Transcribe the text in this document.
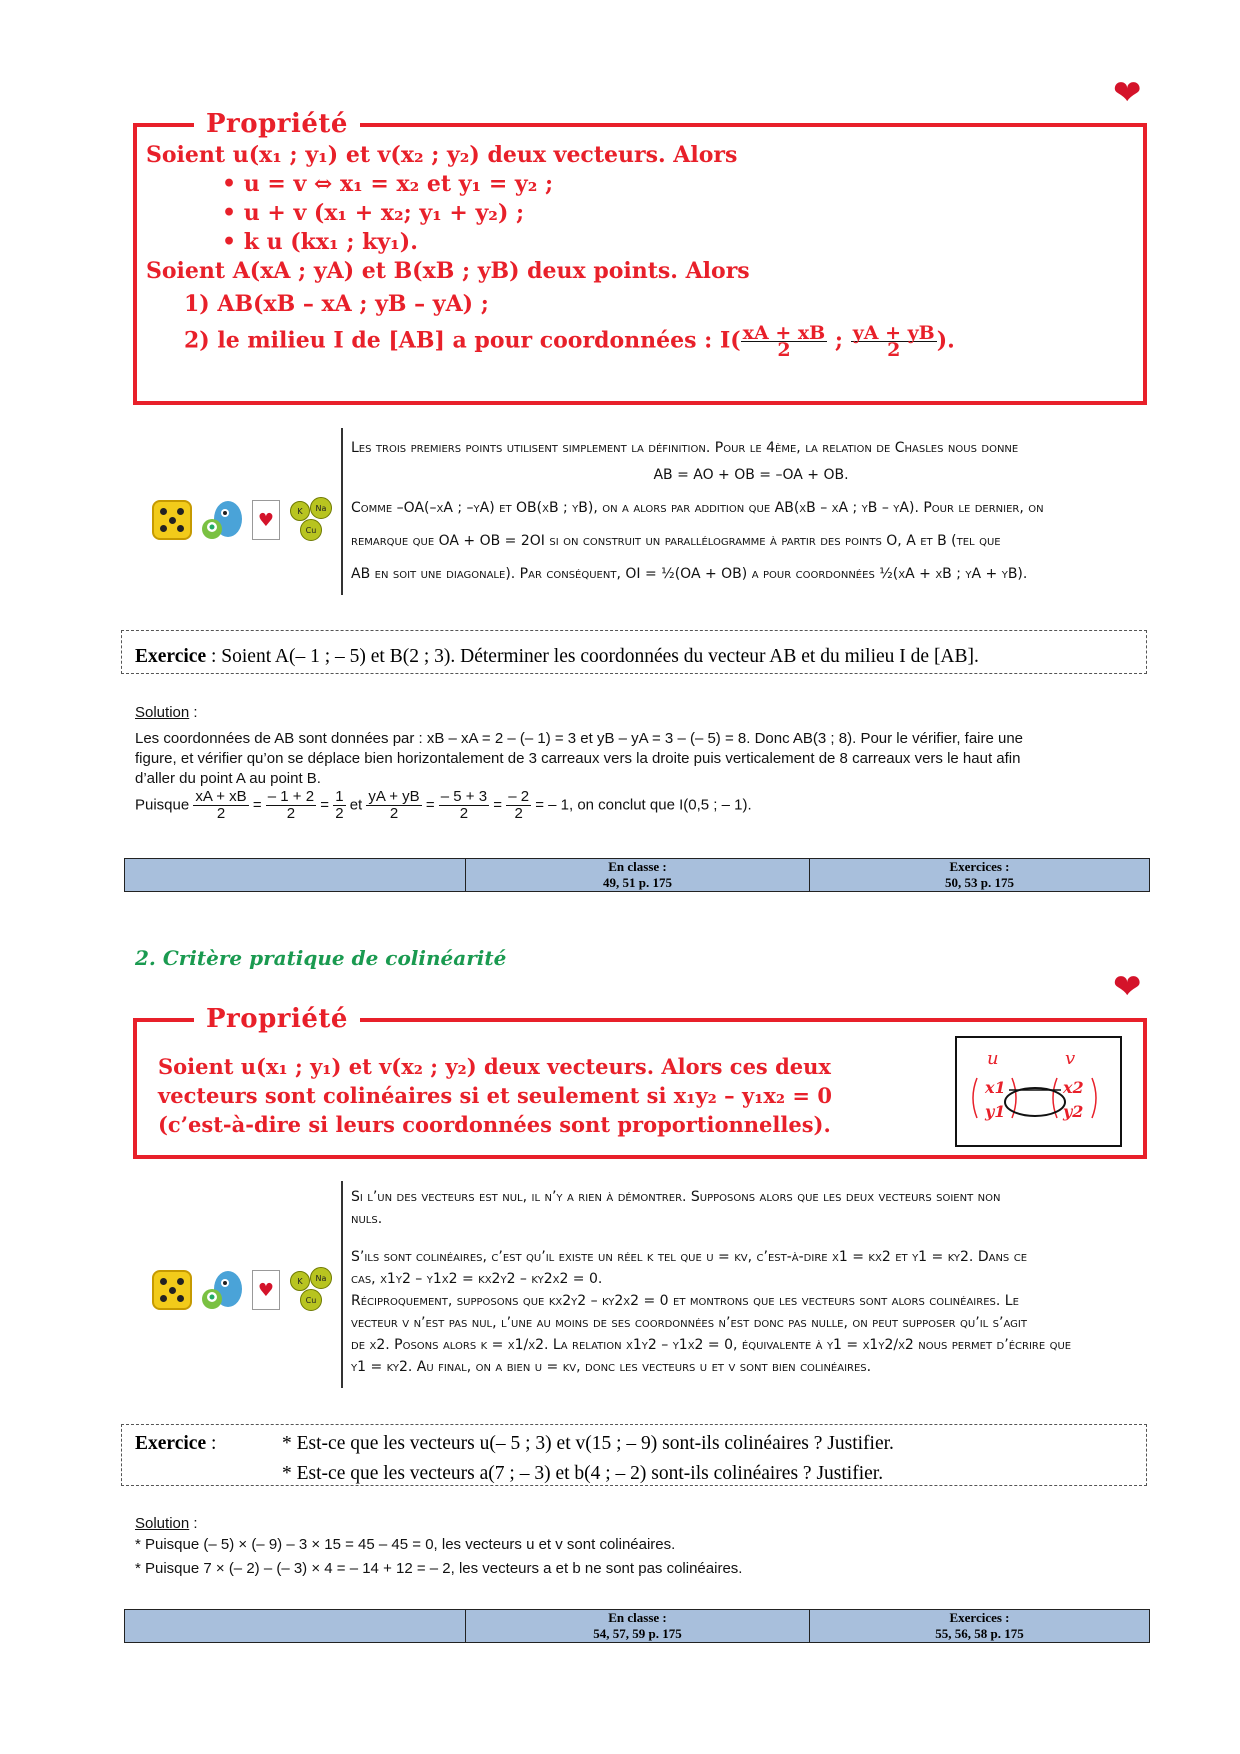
❤
Propriété
Soient u(x₁ ; y₁) et v(x₂ ; y₂) deux vecteurs. Alors
• u = v ⇔ x₁ = x₂ et y₁ = y₂ ;
• u + v (x₁ + x₂; y₁ + y₂) ;
• k u (kx₁ ; ky₁).
Soient A(xA ; yA) et B(xB ; yB) deux points. Alors
1) AB(xB – xA ; yB – yA) ;
2) le milieu I de [AB] a pour coordonnées : $I( \frac{xA + xB}{2}$ ; $\frac{yA + yB}{2}$ ).
♥	K	Na
Cu
Les trois premiers points utilisent simplement la définition. Pour le 4ème, la relation de Chasles nous donne
AB = AO + OB = –OA + OB.
Comme –OA(–xA ; –yA) et OB(xB ; yB), on a alors par addition que AB(xB – xA ; yB – yA). Pour le dernier, on
remarque que OA + OB = 2OI si on construit un parallélogramme à partir des points O, A et B (tel que
AB en soit une diagonale). Par conséquent, OI = ½(OA + OB) a pour coordonnées ½(xA + xB ; yA + yB).
Exercice : Soient A(– 1 ; – 5) et B(2 ; 3). Déterminer les coordonnées du vecteur AB et du milieu I de [AB].
Solution :
Les coordonnées de AB sont données par : xB – xA = 2 – (– 1) = 3 et yB – yA = 3 – (– 5) = 8. Donc AB(3 ; 8). Pour le vérifier, faire une
figure, et vérifier qu’on se déplace bien horizontalement de 3 carreaux vers la droite puis verticalement de 8 carreaux vers le haut afin
d’aller du point A au point B.
Puisque $\frac{xA + xB}{2} = \frac{- 1 + 2}{2} = \frac{1}{2}$ et $\frac{yA + yB}{2} = \frac{- 5 + 3}{2} = \frac{- 2}{2}$ = – 1, on conclut que I(0,5 ; – 1).

En classe :
49, 51 p. 175

Exercices :
50, 53 p. 175
2. Critère pratique de colinéarité
❤
Propriété
Soient u(x₁ ; y₁) et v(x₂ ; y₂) deux vecteurs. Alors ces deux
vecteurs sont colinéaires si et seulement si x₁y₂ – y₁x₂ = 0
(c’est-à-dire si leurs coordonnées sont proportionnelles).
u	v
x1
y1
x2
y2
♥	K	Na
Cu
Si l’un des vecteurs est nul, il n’y a rien à démontrer. Supposons alors que les deux vecteurs soient non
nuls.
S’ils sont colinéaires, c’est qu’il existe un réel k tel que u = kv, c’est-à-dire x1 = kx2 et y1 = ky2. Dans ce
cas, x1y2 – y1x2 = kx2y2 – ky2x2 = 0.
Réciproquement, supposons que kx2y2 – ky2x2 = 0 et montrons que les vecteurs sont alors colinéaires. Le
vecteur v n’est pas nul, l’une au moins de ses coordonnées n’est donc pas nulle, on peut supposer qu’il s’agit
de x2. Posons alors k = x1/x2. La relation x1y2 – y1x2 = 0, équivalente à y1 = x1y2/x2 nous permet d’écrire que
y1 = ky2. Au final, on a bien u = kv, donc les vecteurs u et v sont bien colinéaires.
Exercice :	* Est-ce que les vecteurs u(– 5 ; 3) et v(15 ; – 9) sont-ils colinéaires ? Justifier.
* Est-ce que les vecteurs a(7 ; – 3) et b(4 ; – 2) sont-ils colinéaires ? Justifier.
Solution :
* Puisque (– 5) × (– 9) – 3 × 15 = 45 – 45 = 0, les vecteurs u et v sont colinéaires.
* Puisque 7 × (– 2) – (– 3) × 4 = – 14 + 12 = – 2, les vecteurs a et b ne sont pas colinéaires.

En classe :
54, 57, 59 p. 175

Exercices :
55, 56, 58 p. 175
